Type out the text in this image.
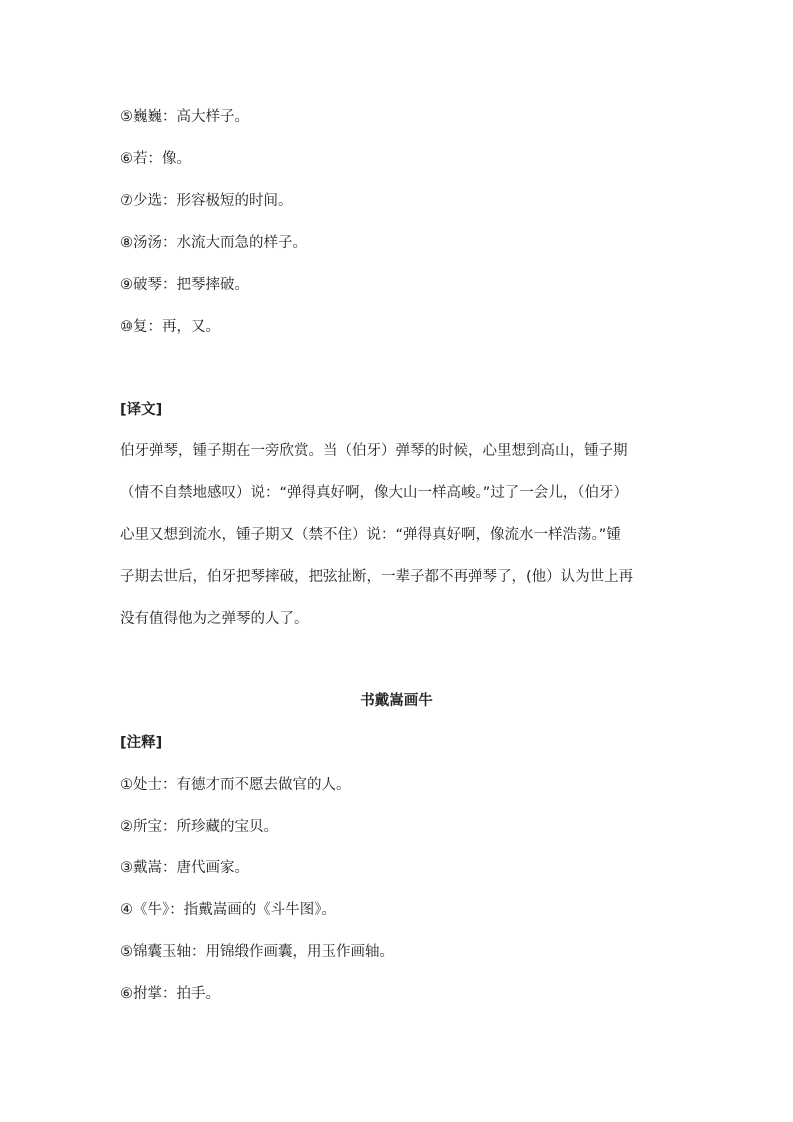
⑤巍巍：高大样子。

⑥若：像。

⑦少选：形容极短的时间。

⑧汤汤：水流大而急的样子。

⑨破琴：把琴摔破。

⑩复：再，又。

[译文]

伯牙弹琴，锺子期在一旁欣赏。当（伯牙）弹琴的时候，心里想到高山，锺子期

（情不自禁地感叹）说：“弹得真好啊，像大山一样高峻。”过了一会儿，（伯牙）

心里又想到流水，锺子期又（禁不住）说：“弹得真好啊，像流水一样浩荡。”锺

子期去世后，伯牙把琴摔破，把弦扯断，一辈子都不再弹琴了，(他）认为世上再

没有值得他为之弹琴的人了。

书戴嵩画牛

[注释]

①处士：有德才而不愿去做官的人。

②所宝：所珍藏的宝贝。

③戴嵩：唐代画家。

④《牛》：指戴嵩画的《斗牛图》。

⑤锦囊玉轴：用锦缎作画囊，用玉作画轴。

⑥拊掌：拍手。
